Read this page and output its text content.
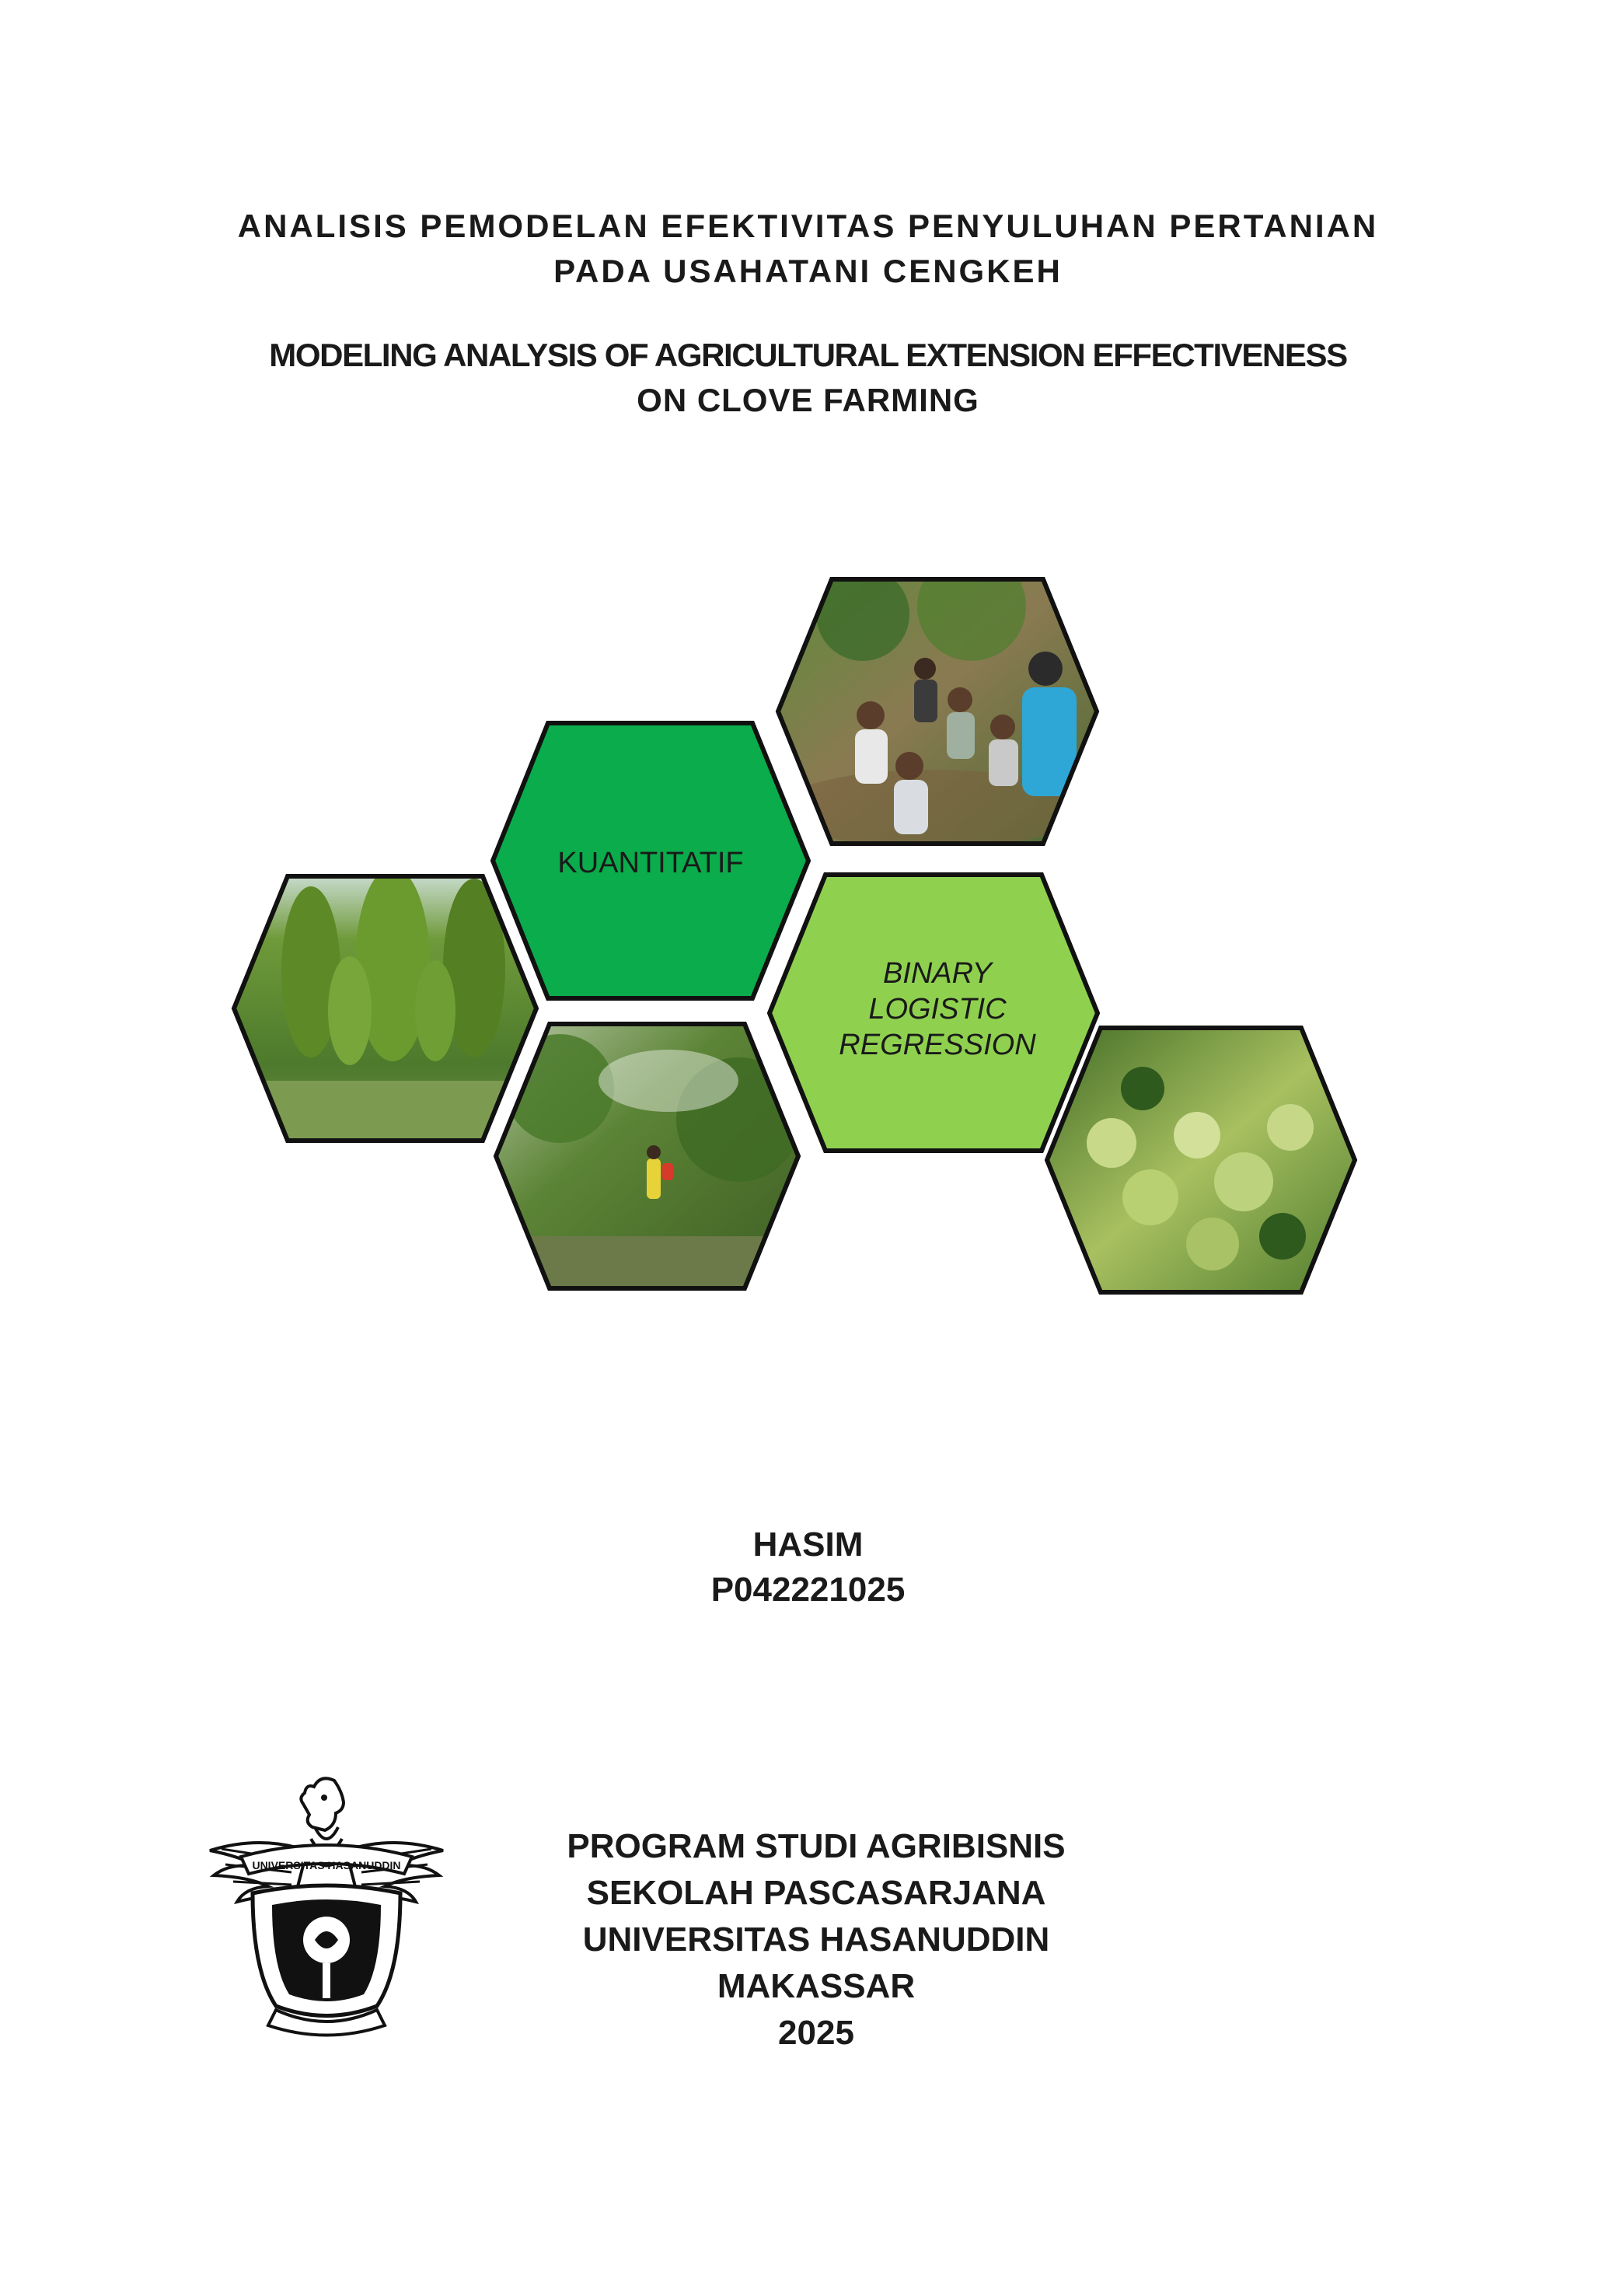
ANALISIS PEMODELAN EFEKTIVITAS PENYULUHAN PERTANIAN
PADA USAHATANI CENGKEH
MODELING ANALYSIS OF AGRICULTURAL EXTENSION EFFECTIVENESS
ON CLOVE FARMING
KUANTITATIF
BINARY
LOGISTIC
REGRESSION
HASIM
P042221025
UNIVERSITAS HASANUDDIN	PROGRAM STUDI AGRIBISNIS
SEKOLAH PASCASARJANA
UNIVERSITAS HASANUDDIN
MAKASSAR
2025
